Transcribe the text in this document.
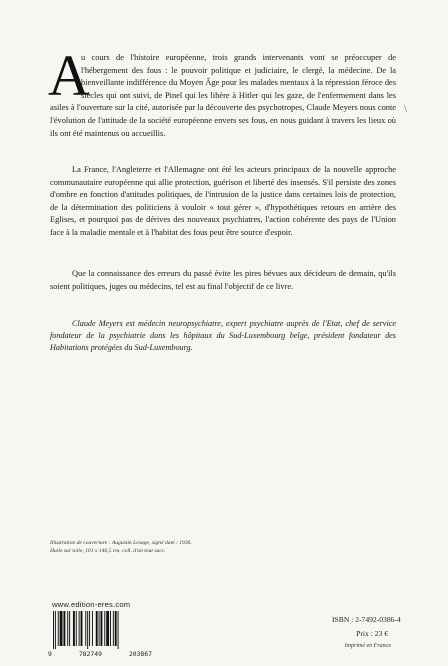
A
u cours de l'histoire européenne, trois grands intervenants vont se préoccuper de l'hébergement des fous : le pouvoir politique et judiciaire, le clergé, la médecine. De la bienveillante indifférence du Moyen Âge pour les malades mentaux à la répression féroce des siècles qui ont suivi, de Pinel qui les libère à Hitler qui les gaze, de l'enfermement dans les asiles à l'ouverture sur la cité, autorisée par la découverte des psychotropes, Claude Meyers nous conte l'évolution de l'attitude de la société européenne envers ses fous, en nous guidant à travers les lieux où ils ont été maintenus ou accueillis.

\

La France, l'Angleterre et l'Allemagne ont été les acteurs principaux de la nouvelle approche communautaire européenne qui allie protection, guérison et liberté des insensés. S'il persiste des zones d'ombre en fonction d'attitudes politiques, de l'intrusion de la justice dans certaines lois de protection, de la détermination des politiciens à vouloir « tout gérer », d'hypothétiques retours en arrière des Eglises, et pourquoi pas de dérives des nouveaux psychiatres, l'action cohérente des pays de l'Union face à la maladie mentale et à l'habitat des fous peut être source d'espoir.

Que la connaissance des erreurs du passé évite les pires bévues aux décideurs de demain, qu'ils soient politiques, juges ou médecins, tel est au final l'objectif de ce livre.

Claude Meyers est médecin neuropsychiatre, expert psychiatre auprès de l'Etat, chef de service fondateur de la psychiatrie dans les hôpitaux du Sud-Luxembourg belge, président fondateur des Habitations protégées du Sud-Luxembourg.

Illustration de couverture : Augustin Lesage, signé daté : 1936.
Huile sur toile, 101 x 146,5 cm, coll. d'un tout succ.

www.edition-eres.com
9	782749	203867
ISBN : 2-7492-0386-4
Prix : 23 €
Imprimé en France
